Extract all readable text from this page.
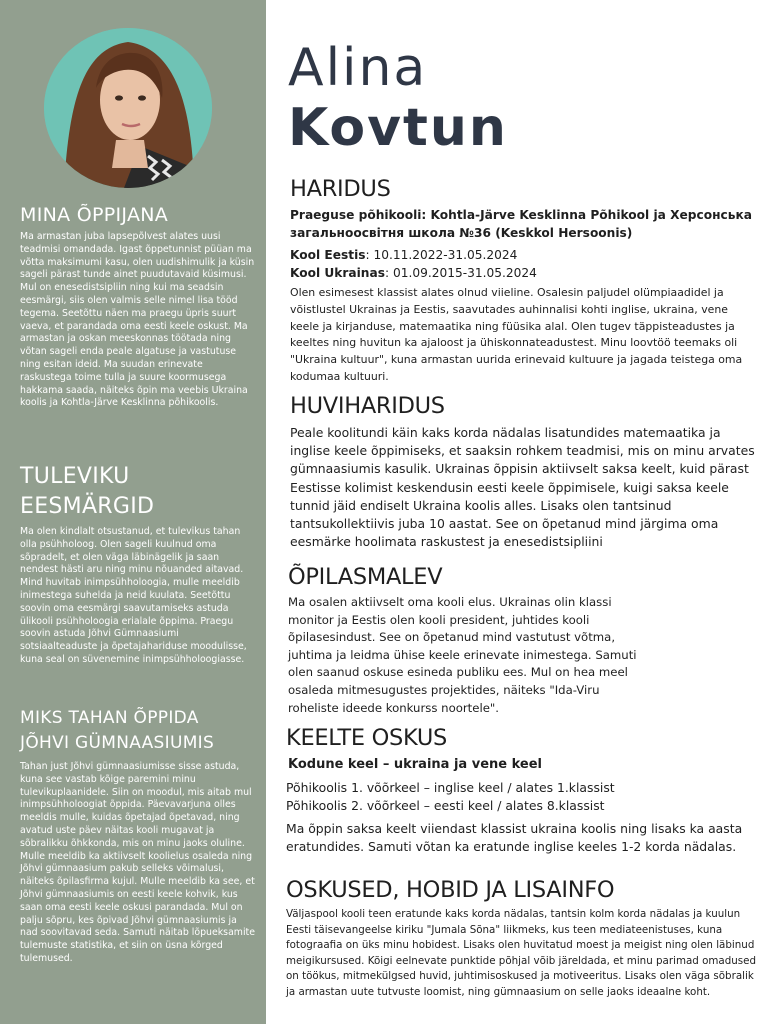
MINA ÕPPIJANA

Ma armastan juba lapsepõlvest alates uusi teadmisi omandada. Igast õppetunnist püüan ma võtta maksimumi kasu, olen uudishimulik ja küsin sageli pärast tunde ainet puudutavaid küsimusi. Mul on enesedistsipliin ning kui ma seadsin eesmärgi, siis olen valmis selle nimel lisa tööd tegema. Seetõttu näen ma praegu üpris suurt vaeva, et parandada oma eesti keele oskust. Ma armastan ja oskan meeskonnas töötada ning võtan sageli enda peale algatuse ja vastutuse ning esitan ideid. Ma suudan erinevate raskustega toime tulla ja suure koormusega hakkama saada, näiteks õpin ma veebis Ukraina koolis ja Kohtla-Järve Kesklinna põhikoolis.

TULEVIKU
EESMÄRGID

Ma olen kindlalt otsustanud, et tulevikus tahan olla psühholoog. Olen sageli kuulnud oma sõpradelt, et olen väga läbinägelik ja saan nendest hästi aru ning minu nõuanded aitavad. Mind huvitab inimpsühholoogia, mulle meeldib inimestega suhelda ja neid kuulata. Seetõttu soovin oma eesmärgi saavutamiseks astuda ülikooli psühholoogia erialale õppima. Praegu soovin astuda Jõhvi Gümnaasiumi sotsiaalteaduste ja õpetajahariduse moodulisse, kuna seal on süvenemine inimpsühholoogiasse.

MIKS TAHAN ÕPPIDA
JÕHVI GÜMNAASIUMIS

Tahan just Jõhvi gümnaasiumisse sisse astuda, kuna see vastab kõige paremini minu tulevikuplaanidele. Siin on moodul, mis aitab mul inimpsühholoogiat õppida. Päevavarjuna olles meeldis mulle, kuidas õpetajad õpetavad, ning avatud uste päev näitas kooli mugavat ja sõbralikku õhkkonda, mis on minu jaoks oluline. Mulle meeldib ka aktiivselt koolielus osaleda ning Jõhvi gümnaasium pakub selleks võimalusi, näiteks õpilasfirma kujul. Mulle meeldib ka see, et Jõhvi gümnaasiumis on eesti keele kohvik, kus saan oma eesti keele oskusi parandada. Mul on palju sõpru, kes õpivad Jõhvi gümnaasiumis ja nad soovitavad seda. Samuti näitab lõpueksamite tulemuste statistika, et siin on üsna kõrged tulemused.

Alina
Kovtun
HARIDUS

Praeguse põhikooli: Kohtla-Järve Kesklinna Põhikool ja Херсонська загальноосвітня школа №36 (Keskkol Hersoonis)

Kool Eestis: 10.11.2022-31.05.2024

Kool Ukrainas: 01.09.2015-31.05.2024

Olen esimesest klassist alates olnud viieline. Osalesin paljudel olümpiaadidel ja võistlustel Ukrainas ja Eestis, saavutades auhinnalisi kohti inglise, ukraina, vene keele ja kirjanduse, matemaatika ning füüsika alal. Olen tugev täppisteadustes ja keeltes ning huvitun ka ajaloost ja ühiskonnateadustest. Minu loovtöö teemaks oli "Ukraina kultuur", kuna armastan uurida erinevaid kultuure ja jagada teistega oma kodumaa kultuuri.

HUVIHARIDUS

Peale koolitundi käin kaks korda nädalas lisatundides matemaatika ja inglise keele õppimiseks, et saaksin rohkem teadmisi, mis on minu arvates gümnaasiumis kasulik. Ukrainas õppisin aktiivselt saksa keelt, kuid pärast Eestisse kolimist keskendusin eesti keele õppimisele, kuigi saksa keele tunnid jäid endiselt Ukraina koolis alles. Lisaks olen tantsinud tantsukollektiivis juba 10 aastat. See on õpetanud mind järgima oma eesmärke hoolimata raskustest ja enesedistsipliini

ÕPILASMALEV

Ma osalen aktiivselt oma kooli elus. Ukrainas olin klassi monitor ja Eestis olen kooli president, juhtides kooli õpilasesindust. See on õpetanud mind vastutust võtma, juhtima ja leidma ühise keele erinevate inimestega. Samuti olen saanud oskuse esineda publiku ees. Mul on hea meel osaleda mitmesugustes projektides, näiteks "Ida-Viru roheliste ideede konkurss noortele".

KEELTE OSKUS

Kodune keel – ukraina ja vene keel

Põhikoolis 1. võõrkeel – inglise keel / alates 1.klassist

Põhikoolis 2. võõrkeel – eesti keel / alates 8.klassist

Ma õppin saksa keelt viiendast klassist ukraina koolis ning lisaks ka aasta eratundides. Samuti võtan ka eratunde inglise keeles 1-2 korda nädalas.

OSKUSED, HOBID JA LISAINFO

Väljaspool kooli teen eratunde kaks korda nädalas, tantsin kolm korda nädalas ja kuulun Eesti täisevangeelse kiriku "Jumala Sõna" liikmeks, kus teen mediateenistuses, kuna fotograafia on üks minu hobidest. Lisaks olen huvitatud moest ja meigist ning olen läbinud meigikursused. Kõigi eelnevate punktide põhjal võib järeldada, et minu parimad omadused on töökus, mitmekülgsed huvid, juhtimisoskused ja motiveeritus. Lisaks olen väga sõbralik ja armastan uute tutvuste loomist, ning gümnaasium on selle jaoks ideaalne koht.
